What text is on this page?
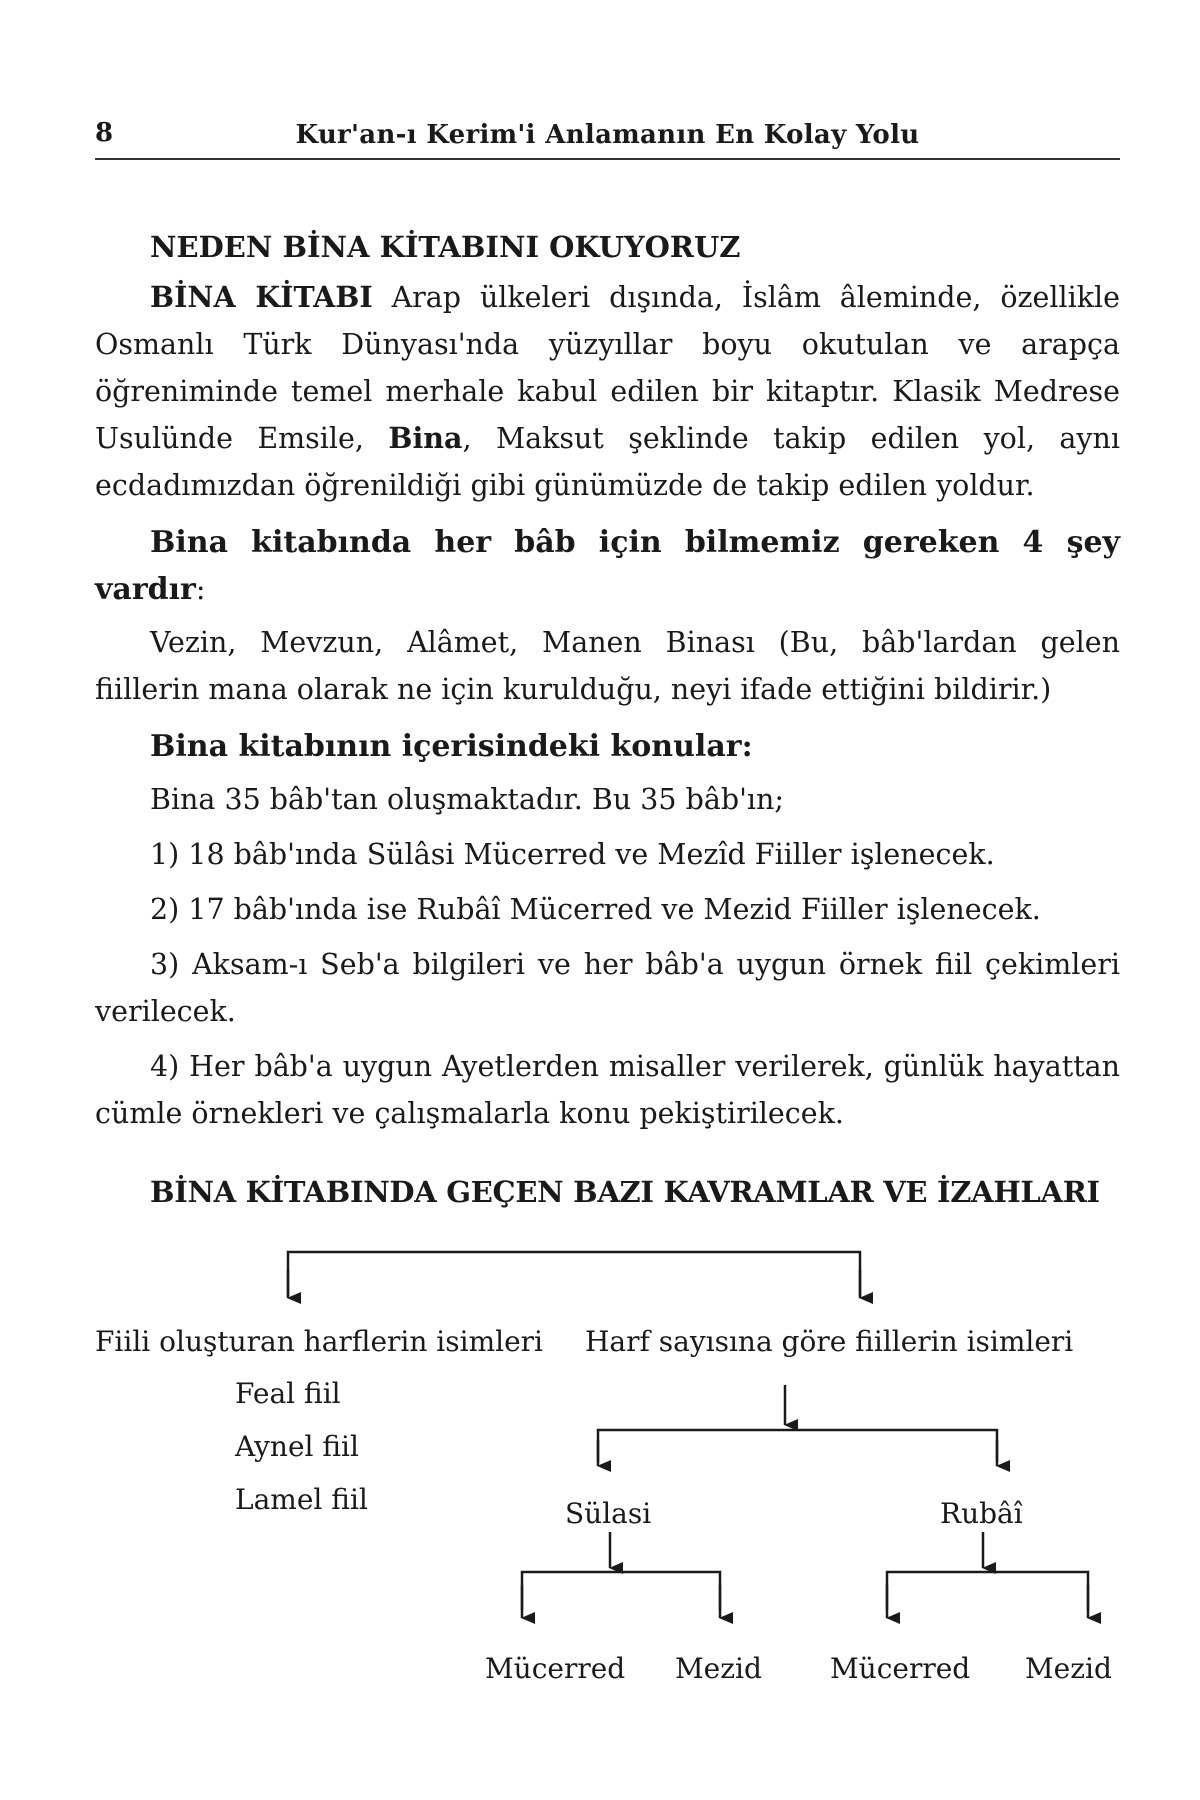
8	Kur'an-ı Kerim'i Anlamanın En Kolay Yolu
NEDEN BİNA KİTABINI OKUYORUZ

BİNA KİTABI Arap ülkeleri dışında, İslâm âleminde, özellikle Osmanlı Türk Dünyası'nda yüzyıllar boyu okutulan ve arapça öğreniminde temel merhale kabul edilen bir kitaptır. Klasik Medrese Usulünde Emsile, Bina, Maksut şeklinde takip edilen yol, aynı ecdadımızdan öğrenildiği gibi günümüzde de takip edilen yoldur.

Bina kitabında her bâb için bilmemiz gereken 4 şey vardır:

Vezin, Mevzun, Alâmet, Manen Binası (Bu, bâb'lardan gelen fiillerin mana olarak ne için kurulduğu, neyi ifade ettiğini bildirir.)

Bina kitabının içerisindeki konular:

Bina 35 bâb'tan oluşmaktadır. Bu 35 bâb'ın;

1) 18 bâb'ında Sülâsi Mücerred ve Mezîd Fiiller işlenecek.

2) 17 bâb'ında ise Rubâî Mücerred ve Mezid Fiiller işlenecek.

3) Aksam-ı Seb'a bilgileri ve her bâb'a uygun örnek fiil çekimleri verilecek.

4) Her bâb'a uygun Ayetlerden misaller verilerek, günlük hayattan cümle örnekleri ve çalışmalarla konu pekiştirilecek.

BİNA KİTABINDA GEÇEN BAZI KAVRAMLAR VE İZAHLARI
Fiili oluşturan harflerin isimleri
Feal fiil
Aynel fiil
Lamel fiil
Harf sayısına göre fiillerin isimleri
Sülasi	Rubâî
Mücerred Mezid Mücerred Mezid
